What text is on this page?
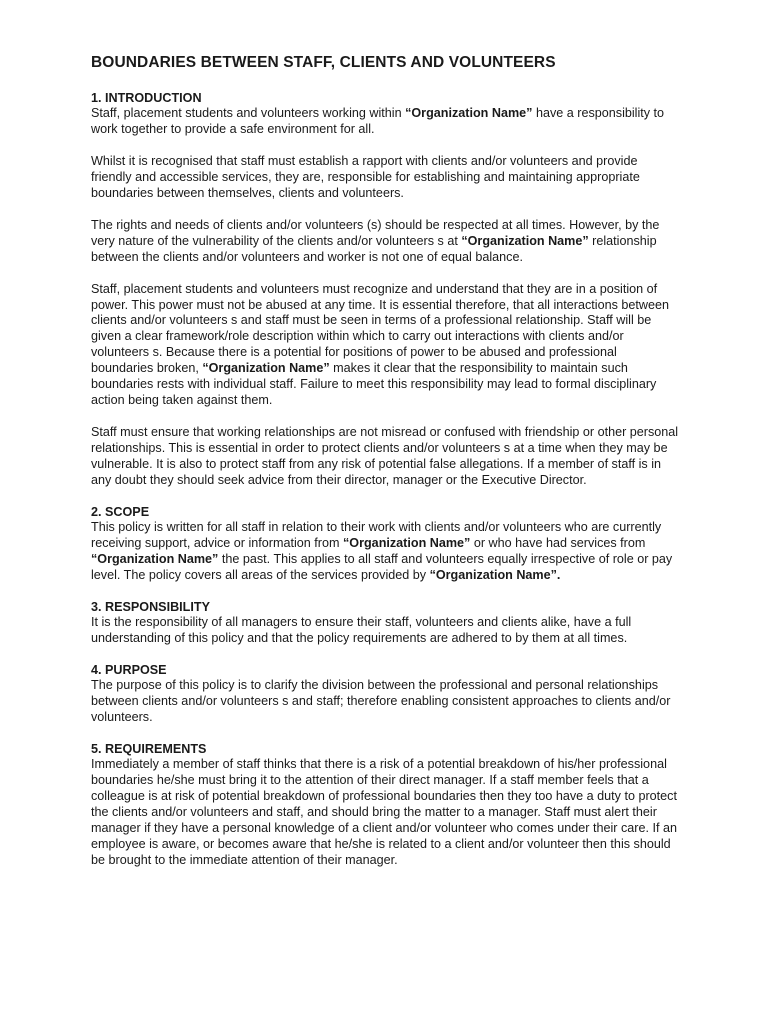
BOUNDARIES BETWEEN STAFF, CLIENTS AND VOLUNTEERS
1. INTRODUCTION

Staff, placement students and volunteers working within “Organization Name” have a responsibility to work together to provide a safe environment for all.

Whilst it is recognised that staff must establish a rapport with clients and/or volunteers and provide friendly and accessible services, they are, responsible for establishing and maintaining appropriate boundaries between themselves, clients and volunteers.

The rights and needs of clients and/or volunteers (s) should be respected at all times. However, by the very nature of the vulnerability of the clients and/or volunteers s at “Organization Name” relationship between the clients and/or volunteers and worker is not one of equal balance.

Staff, placement students and volunteers must recognize and understand that they are in a position of power. This power must not be abused at any time. It is essential therefore, that all interactions between clients and/or volunteers s and staff must be seen in terms of a professional relationship. Staff will be given a clear framework/role description within which to carry out interactions with clients and/or volunteers s. Because there is a potential for positions of power to be abused and professional boundaries broken, “Organization Name” makes it clear that the responsibility to maintain such boundaries rests with individual staff. Failure to meet this responsibility may lead to formal disciplinary action being taken against them.

Staff must ensure that working relationships are not misread or confused with friendship or other personal relationships. This is essential in order to protect clients and/or volunteers s at a time when they may be vulnerable. It is also to protect staff from any risk of potential false allegations. If a member of staff is in any doubt they should seek advice from their director, manager or the Executive Director.

2. SCOPE

This policy is written for all staff in relation to their work with clients and/or volunteers who are currently receiving support, advice or information from “Organization Name” or who have had services from “Organization Name” the past. This applies to all staff and volunteers equally irrespective of role or pay level. The policy covers all areas of the services provided by “Organization Name”.

3. RESPONSIBILITY

It is the responsibility of all managers to ensure their staff, volunteers and clients alike, have a full understanding of this policy and that the policy requirements are adhered to by them at all times.

4. PURPOSE

The purpose of this policy is to clarify the division between the professional and personal relationships between clients and/or volunteers s and staff; therefore enabling consistent approaches to clients and/or volunteers.

5. REQUIREMENTS

Immediately a member of staff thinks that there is a risk of a potential breakdown of his/her professional boundaries he/she must bring it to the attention of their direct manager. If a staff member feels that a colleague is at risk of potential breakdown of professional boundaries then they too have a duty to protect the clients and/or volunteers and staff, and should bring the matter to a manager. Staff must alert their manager if they have a personal knowledge of a client and/or volunteer who comes under their care. If an employee is aware, or becomes aware that he/she is related to a client and/or volunteer then this should be brought to the immediate attention of their manager.
